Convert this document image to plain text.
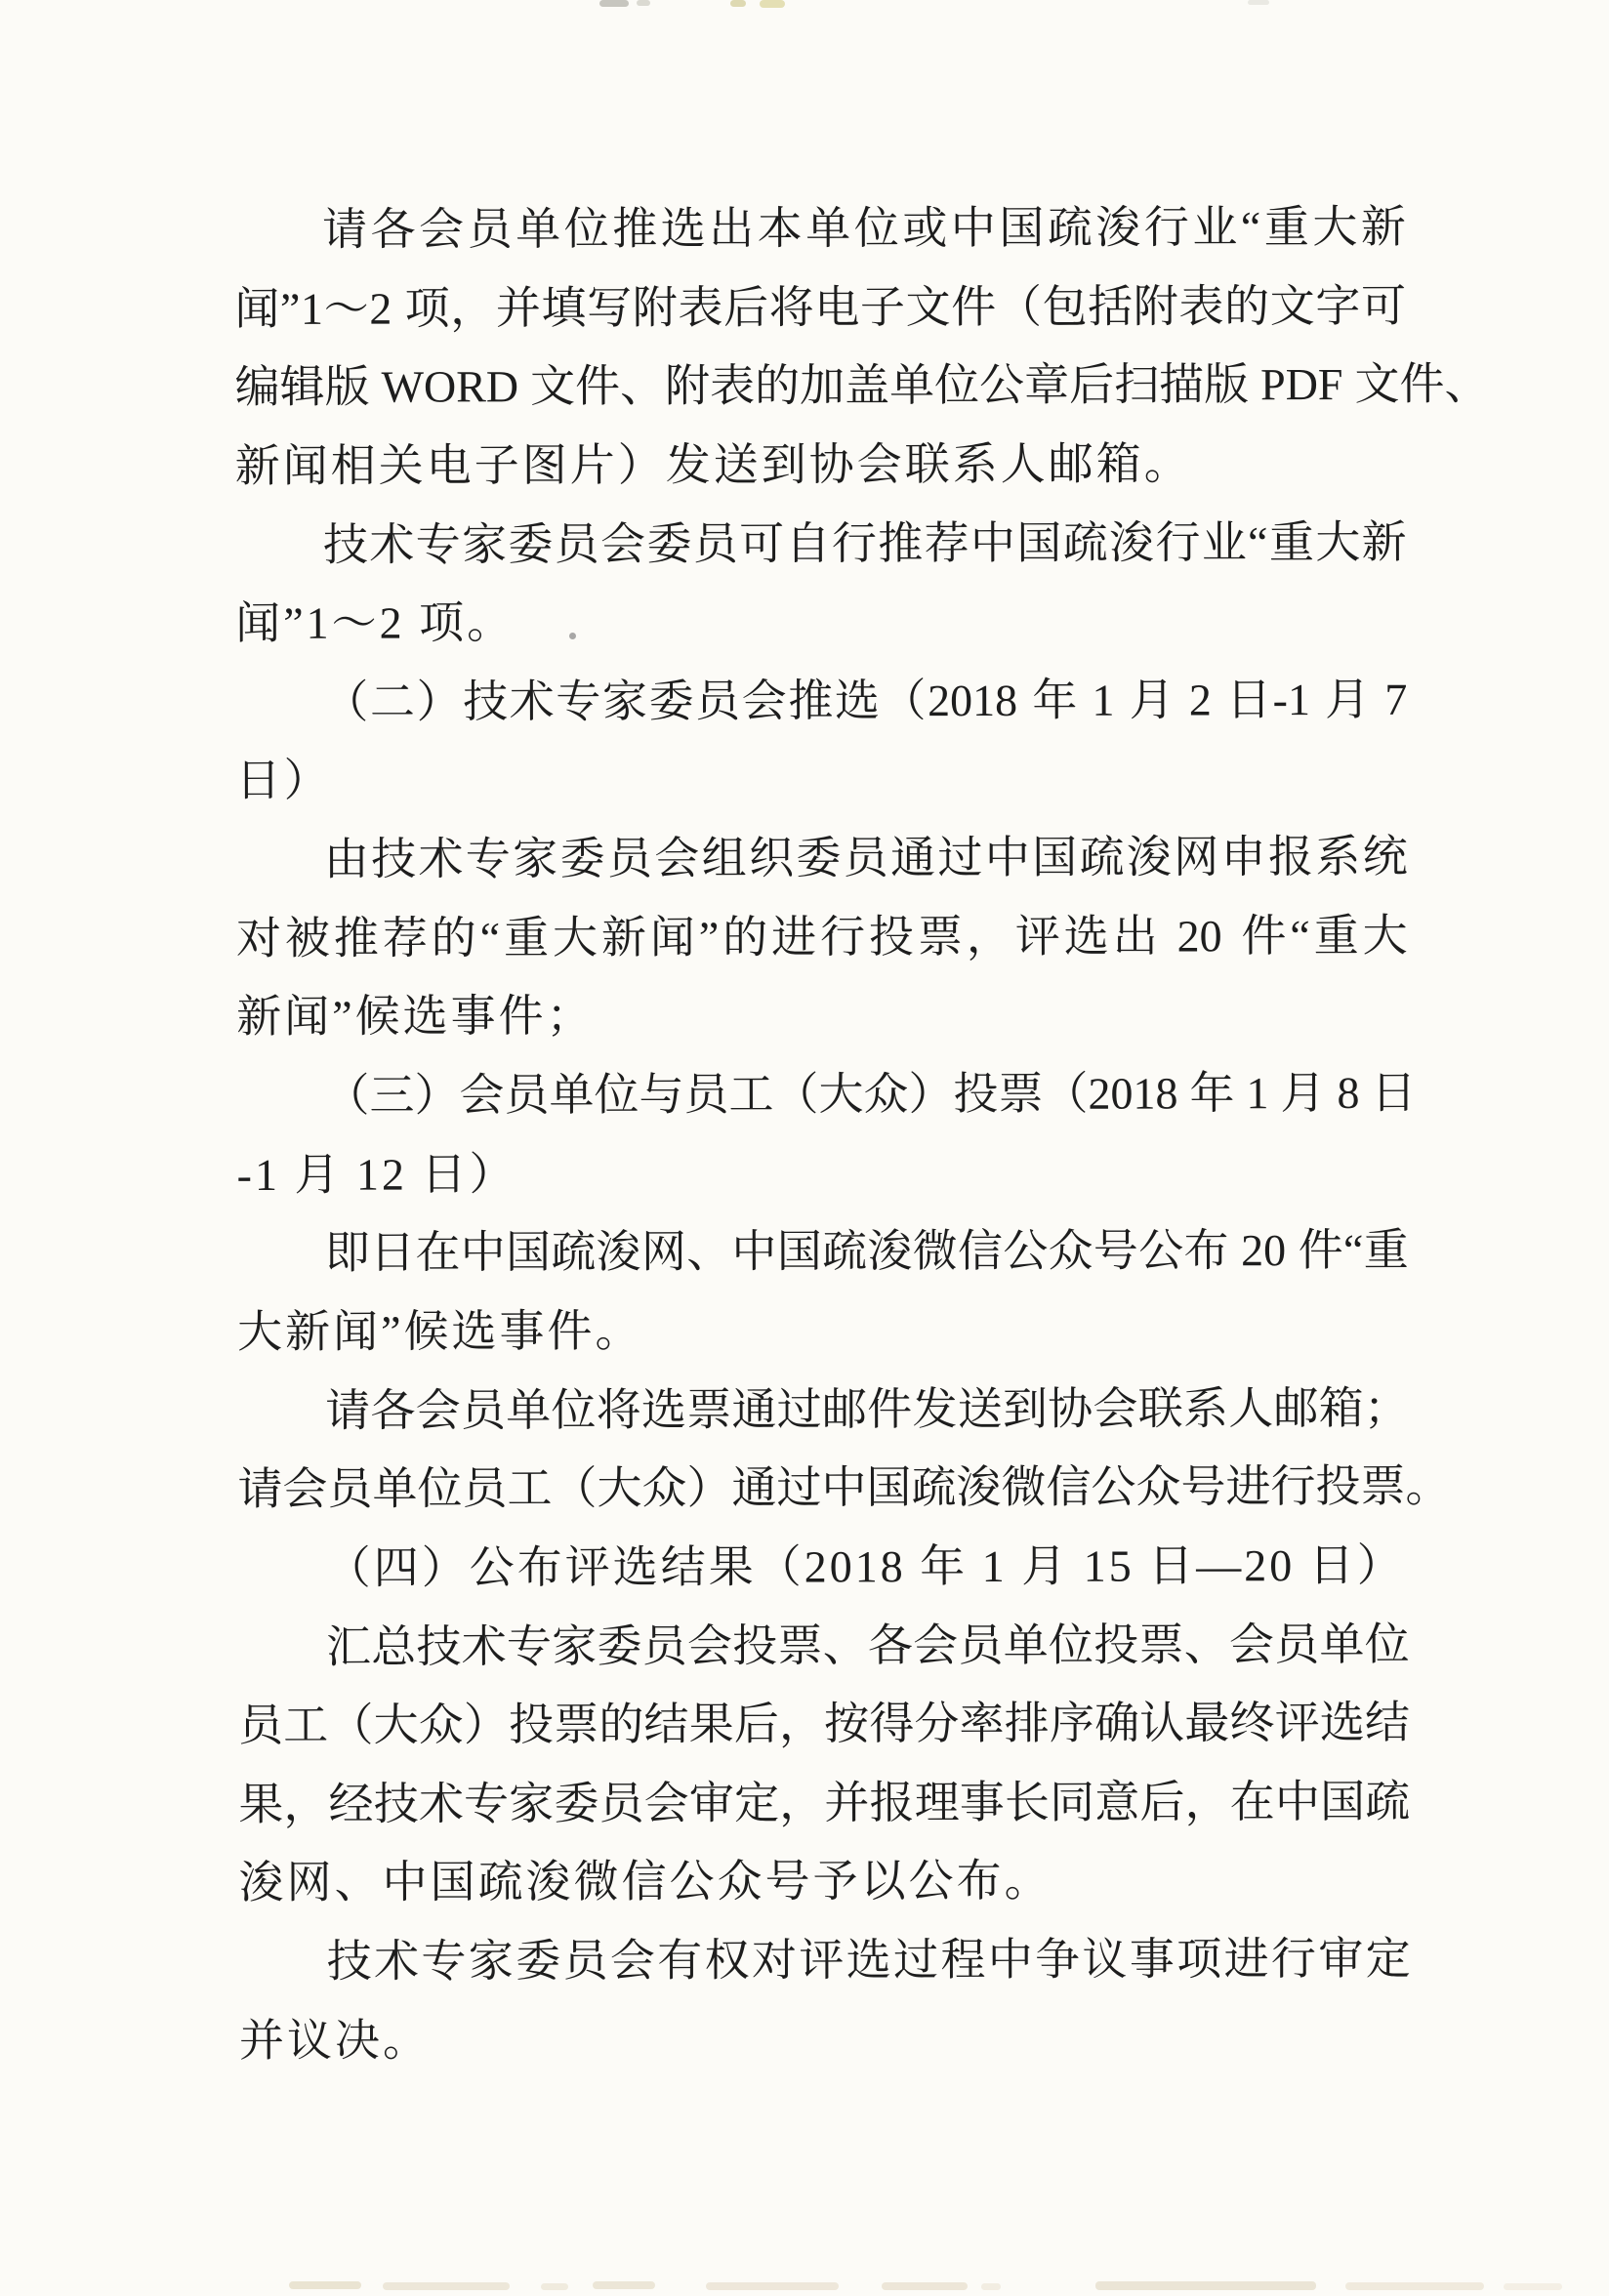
请 各 会 员 单 位 推 选 出 本 单 位 或 中 国 疏 浚 行 业 “ 重 大 新
闻 ” 1 ～ 2 项 ， 并 填 写 附 表 后 将 电 子 文 件 （ 包 括 附 表 的 文 字 可
编 辑 版 WORD 文 件 、 附 表 的 加 盖 单 位 公 章 后 扫 描 版 PDF 文 件 、
新闻相关电子图片）发送到协会联系人邮箱。
技 术 专 家 委 员 会 委 员 可 自 行 推 荐 中 国 疏 浚 行 业 “ 重 大 新
闻”1～2 项。
（ 二 ） 技 术 专 家 委 员 会 推 选 （ 2018 年 1 月 2 日 -1 月 7
日）
由 技 术 专 家 委 员 会 组 织 委 员 通 过 中 国 疏 浚 网 申 报 系 统
对 被 推 荐 的 “ 重 大 新 闻 ” 的 进 行 投 票 ， 评 选 出 20 件 “ 重 大
新闻”候选事件；
（ 三 ） 会 员 单 位 与 员 工 （ 大 众 ） 投 票 （ 2018 年 1 月 8 日
-1 月 12 日）
即 日 在 中 国 疏 浚 网 、 中 国 疏 浚 微 信 公 众 号 公 布 20 件 “ 重
大新闻”候选事件。
请 各 会 员 单 位 将 选 票 通 过 邮 件 发 送 到 协 会 联 系 人 邮 箱 ；
请 会 员 单 位 员 工 （ 大 众 ） 通 过 中 国 疏 浚 微 信 公 众 号 进 行 投 票 。
（四）公布评选结果（2018 年 1 月 15 日—20 日）
汇 总 技 术 专 家 委 员 会 投 票 、 各 会 员 单 位 投 票 、 会 员 单 位
员 工 （ 大 众 ） 投 票 的 结 果 后 ， 按 得 分 率 排 序 确 认 最 终 评 选 结
果 ， 经 技 术 专 家 委 员 会 审 定 ， 并 报 理 事 长 同 意 后 ， 在 中 国 疏
浚网、中国疏浚微信公众号予以公布。
技 术 专 家 委 员 会 有 权 对 评 选 过 程 中 争 议 事 项 进 行 审 定
并议决。
